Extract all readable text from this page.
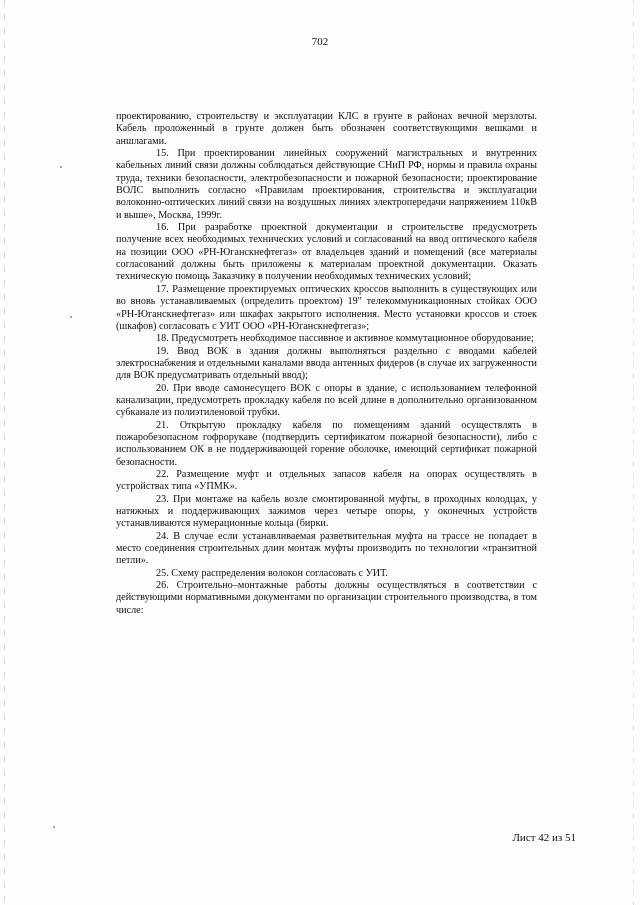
702

проектированию, строительству и эксплуатации КЛС в грунте в районах вечной мерзлоты. Кабель проложенный в грунте должен быть обозначен соответствующими вешками и аншлагами.

15. При проектировании линейных сооружений магистральных и внутренних кабельных линий связи должны соблюдаться действующие СНиП РФ, нормы и правила охраны труда, техники безопасности, электробезопасности и пожарной безопасности; проектирование ВОЛС выполнить согласно «Правилам проектирования, строительства и эксплуатации волоконно-оптических линий связи на воздушных линиях электропередачи напряжением 110кВ и выше», Москва, 1999г.

16. При разработке проектной документации и строительстве предусмотреть получение всех необходимых технических условий и согласований на ввод оптического кабеля на позиции ООО «РН-Юганскнефтегаз» от владельцев зданий и помещений (все материалы согласований должны быть приложены к материалам проектной документации. Оказать техническую помощь Заказчику в получении необходимых технических условий;

17. Размещение проектируемых оптических кроссов выполнить в существующих или во вновь устанавливаемых (определить проектом) 19" телекоммуникационных стойках ООО «РН-Юганскнефтегаз» или шкафах закрытого исполнения. Место установки кроссов и стоек (шкафов) согласовать с УИТ ООО «РН-Юганскнефтегаз»;

18. Предусмотреть необходимое пассивное и активное коммутационное оборудование;

19. Ввод ВОК в здания должны выполняться раздельно с вводами кабелей электроснабжения и отдельными каналами ввода антенных фидеров (в случае их загруженности для ВОК предусматривать отдельный ввод);

20. При вводе самонесущего ВОК с опоры в здание, с использованием телефонной канализации, предусмотреть прокладку кабеля по всей длине в дополнительно организованном субканале из полиэтиленовой трубки.

21. Открытую прокладку кабеля по помещениям зданий осуществлять в пожаробезопасном гофрорукаве (подтвердить сертификатом пожарной безопасности), либо с использованием ОК в не поддерживающей горение оболочке, имеющий сертификат пожарной безопасности.

22. Размещение муфт и отдельных запасов кабеля на опорах осуществлять в устройствах типа «УПМК».

23. При монтаже на кабель возле смонтированной муфты, в проходных колодцах, у натяжных и поддерживающих зажимов через четыре опоры, у оконечных устройств устанавливаются нумерационные кольца (бирки.

24. В случае если устанавливаемая разветвительная муфта на трассе не попадает в место соединения строительных длин монтаж муфты производить по технологии «транзитной петли».

25. Схему распределения волокон согласовать с УИТ.

26. Строительно–монтажные работы должны осуществляться в соответствии с действующими нормативными документами по организации строительного производства, в том числе:

Лист 42 из 51
